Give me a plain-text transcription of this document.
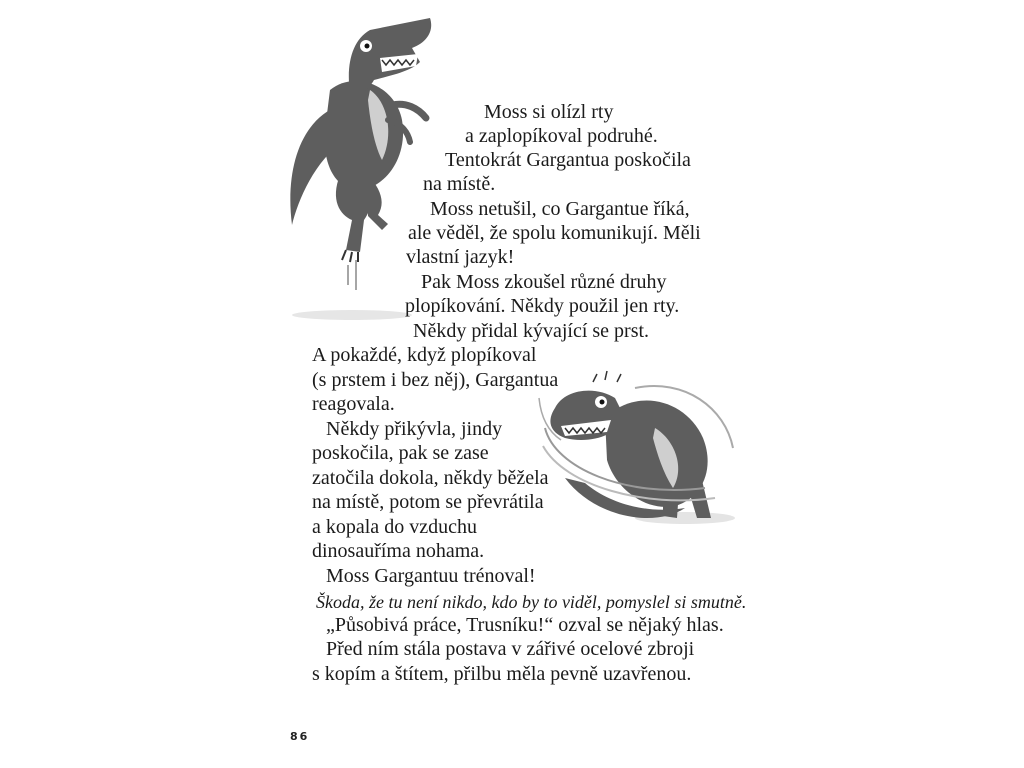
Moss si olízl rty

a zaplopíkoval podruhé.

Tentokrát Gargantua poskočila

na místě.

Moss netušil, co Gargantue říká,

ale věděl, že spolu komunikují. Měli

vlastní jazyk!

Pak Moss zkoušel různé druhy

plopíkování. Někdy použil jen rty.

Někdy přidal kývající se prst.

A pokaždé, když plopíkoval

(s prstem i bez něj), Gargantua

reagovala.

Někdy přikývla, jindy

poskočila, pak se zase

zatočila dokola, někdy běžela

na místě, potom se převrátila

a kopala do vzduchu

dinosauříma nohama.

Moss Gargantuu trénoval!

Škoda, že tu není nikdo, kdo by to viděl, pomyslel si smutně.

„Působivá práce, Trusníku!“ ozval se nějaký hlas.

Před ním stála postava v zářivé ocelové zbroji

s kopím a štítem, přilbu měla pevně uzavřenou.

86
